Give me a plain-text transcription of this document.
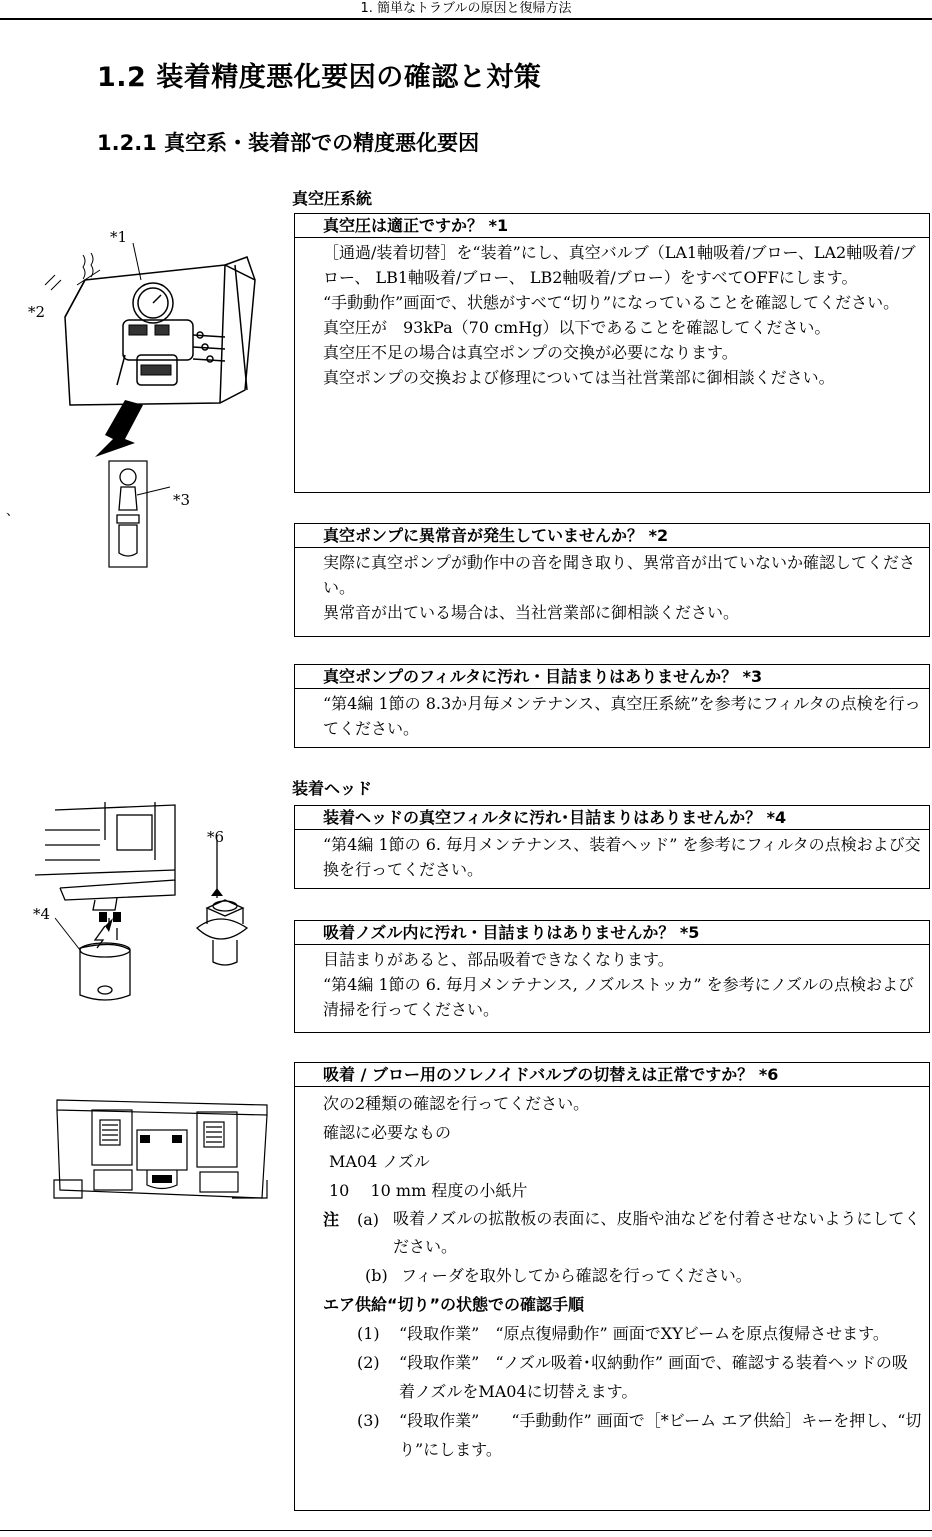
1. 簡単なトラブルの原因と復帰方法
1.2 装着精度悪化要因の確認と対策
1.2.1 真空系・装着部での精度悪化要因
真空圧系統
*1
*2
*3
、
真空圧は適正ですか？ *1

［通過/装着切替］を“装着”にし、真空バルブ（LA1軸吸着/ブロー、LA2軸吸着/ブロー、 LB1軸吸着/ブロー、 LB2軸吸着/ブロー）をすべてOFFにします。

“手動動作”画面で、状態がすべて“切り”になっていることを確認してください。

真空圧が　93kPa（70 cmHg）以下であることを確認してください。

真空圧不足の場合は真空ポンプの交換が必要になります。

真空ポンプの交換および修理については当社営業部に御相談ください。

真空ポンプに異常音が発生していませんか？ *2

実際に真空ポンプが動作中の音を聞き取り、異常音が出ていないか確認してください。

異常音が出ている場合は、当社営業部に御相談ください。

真空ポンプのフィルタに汚れ・目詰まりはありませんか？ *3

“第4編 1節の 8.3か月毎メンテナンス、真空圧系統”を参考にフィルタの点検を行ってください。

装着ヘッド
*4
*6
装着ヘッドの真空フィルタに汚れ･目詰まりはありませんか？ *4

“第4編 1節の 6. 毎月メンテナンス、装着ヘッド” を参考にフィルタの点検および交換を行ってください。

吸着ノズル内に汚れ・目詰まりはありませんか？ *5

目詰まりがあると、部品吸着できなくなります。

“第4編 1節の 6. 毎月メンテナンス, ノズルストッカ” を参考にノズルの点検および清掃を行ってください。

吸着 / ブロー用のソレノイドバルブの切替えは正常ですか？ *6

次の2種類の確認を行ってください。

確認に必要なもの

MA04 ノズル

10　 10 mm 程度の小紙片

注	(a) 吸着ノズルの拡散板の表面に、皮脂や油などを付着させないようにしてください。
(b) フィーダを取外してから確認を行ってください。

エア供給“切り”の状態での確認手順

(1)	“段取作業”　“原点復帰動作” 画面でXYビームを原点復帰させます。
(2)	“段取作業”　“ノズル吸着･収納動作” 画面で、確認する装着ヘッドの吸着ノズルをMA04に切替えます。
(3)	“段取作業”　　“手動動作” 画面で［*ビーム エア供給］キーを押し、“切り”にします。
